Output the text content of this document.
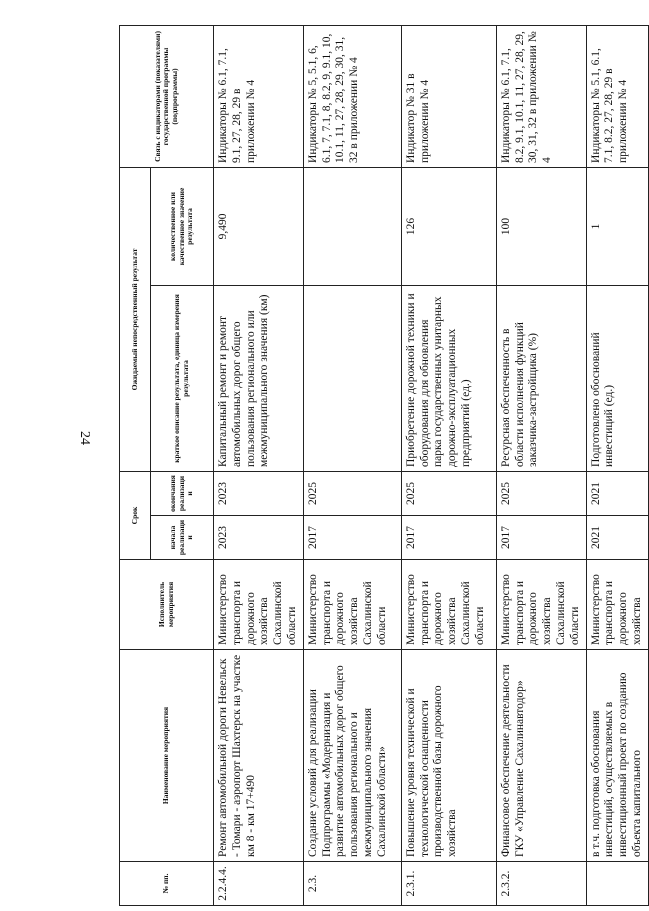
24
№ пп.	Наименование мероприятия	Исполнитель мероприятия	Срок		Ожидаемый непосредственный результат		Связь с индикаторами (показателями) государственной программы (подпрограммы)
			начала реализации	окончания реализации	краткое описание результата, единица измерения результата	количественное или качественное значение результата	
2.2.4.4.	Ремонт автомобильной дороги Невельск - Томари - аэропорт Шахтерск на участке км 8 - км 17+490	Министерство транспорта и дорожного хозяйства Сахалинской области	2023	2023	Капитальный ремонт и ремонт автомобильных дорог общего пользования регионального или межмуниципального значения (км)	9,490	Индикаторы № 6.1, 7.1, 9.1, 27, 28, 29 в приложении № 4
2.3.	Создание условий для реализации Подпрограммы «Модернизация и развитие автомобильных дорог общего пользования регионального и межмуниципального значения Сахалинской области»	Министерство транспорта и дорожного хозяйства Сахалинской области	2017	2025			Индикаторы № 5, 5.1, 6, 6.1, 7, 7.1, 8, 8.2, 9, 9.1, 10, 10.1, 11, 27, 28, 29, 30, 31, 32 в приложении № 4
2.3.1.	Повышение уровня технической и технологической оснащенности производственной базы дорожного хозяйства	Министерство транспорта и дорожного хозяйства Сахалинской области	2017	2025	Приобретение дорожной техники и оборудования для обновления парка государственных унитарных дорожно-эксплуатационных предприятий (ед.)	126	Индикатор № 31 в приложении № 4
2.3.2.	Финансовое обеспечение деятельности ГКУ «Управление Сахалинавтодор»	Министерство транспорта и дорожного хозяйства Сахалинской области	2017	2025	Ресурсная обеспеченность в области исполнения функций заказчика-застройщика (%)	100	Индикаторы № 6.1, 7.1, 8.2, 9.1, 10.1, 11, 27, 28, 29, 30, 31, 32 в приложении № 4
	в т.ч. подготовка обоснования инвестиций, осуществляемых в инвестиционный проект по созданию объекта капитального	Министерство транспорта и дорожного хозяйства	2021	2021	Подготовлено обоснований инвестиций (ед.)	1	Индикаторы № 5.1, 6.1, 7.1, 8.2, 27, 28, 29 в приложении № 4
